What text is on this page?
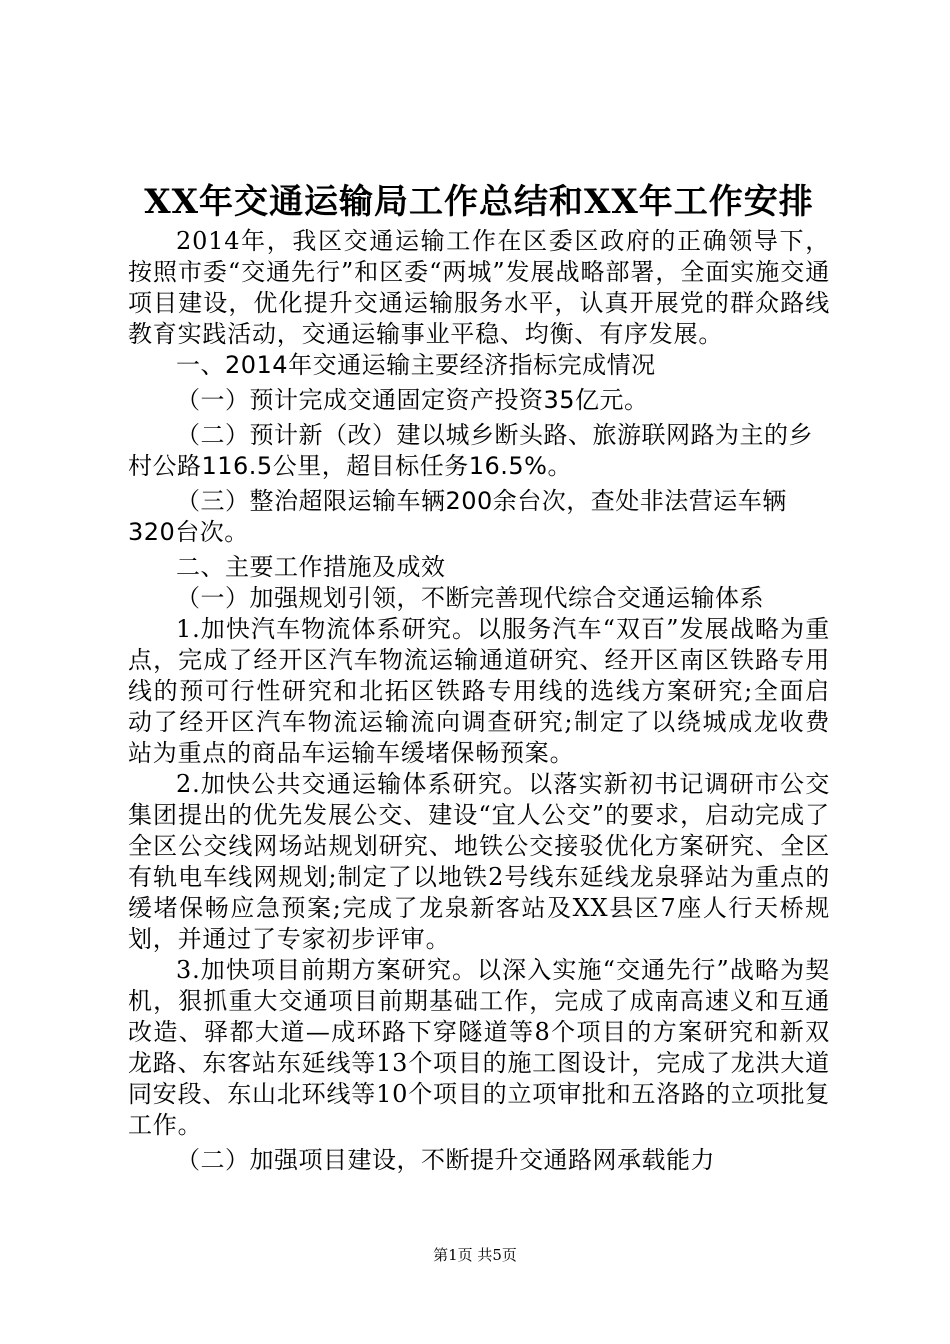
XX年交通运输局工作总结和XX年工作安排

2014年，我区交通运输工作在区委区政府的正确领导下，按照市委“交通先行”和区委“两城”发展战略部署，全面实施交通项目建设，优化提升交通运输服务水平，认真开展党的群众路线教育实践活动，交通运输事业平稳、均衡、有序发展。

一、2014年交通运输主要经济指标完成情况

（一）预计完成交通固定资产投资35亿元。

（二）预计新（改）建以城乡断头路、旅游联网路为主的乡村公路116.5公里，超目标任务16.5%。

（三）整治超限运输车辆200余台次，查处非法营运车辆320台次。

二、主要工作措施及成效

（一）加强规划引领，不断完善现代综合交通运输体系

1.加快汽车物流体系研究。以服务汽车“双百”发展战略为重点，完成了经开区汽车物流运输通道研究、经开区南区铁路专用线的预可行性研究和北拓区铁路专用线的选线方案研究;全面启动了经开区汽车物流运输流向调查研究;制定了以绕城成龙收费站为重点的商品车运输车缓堵保畅预案。

2.加快公共交通运输体系研究。以落实新初书记调研市公交集团提出的优先发展公交、建设“宜人公交”的要求，启动完成了全区公交线网场站规划研究、地铁公交接驳优化方案研究、全区有轨电车线网规划;制定了以地铁2号线东延线龙泉驿站为重点的缓堵保畅应急预案;完成了龙泉新客站及XX县区7座人行天桥规划，并通过了专家初步评审。

3.加快项目前期方案研究。以深入实施“交通先行”战略为契机，狠抓重大交通项目前期基础工作，完成了成南高速义和互通改造、驿都大道—成环路下穿隧道等8个项目的方案研究和新双龙路、东客站东延线等13个项目的施工图设计，完成了龙洪大道同安段、东山北环线等10个项目的立项审批和五洛路的立项批复工作。

（二）加强项目建设，不断提升交通路网承载能力

第1页 共5页
